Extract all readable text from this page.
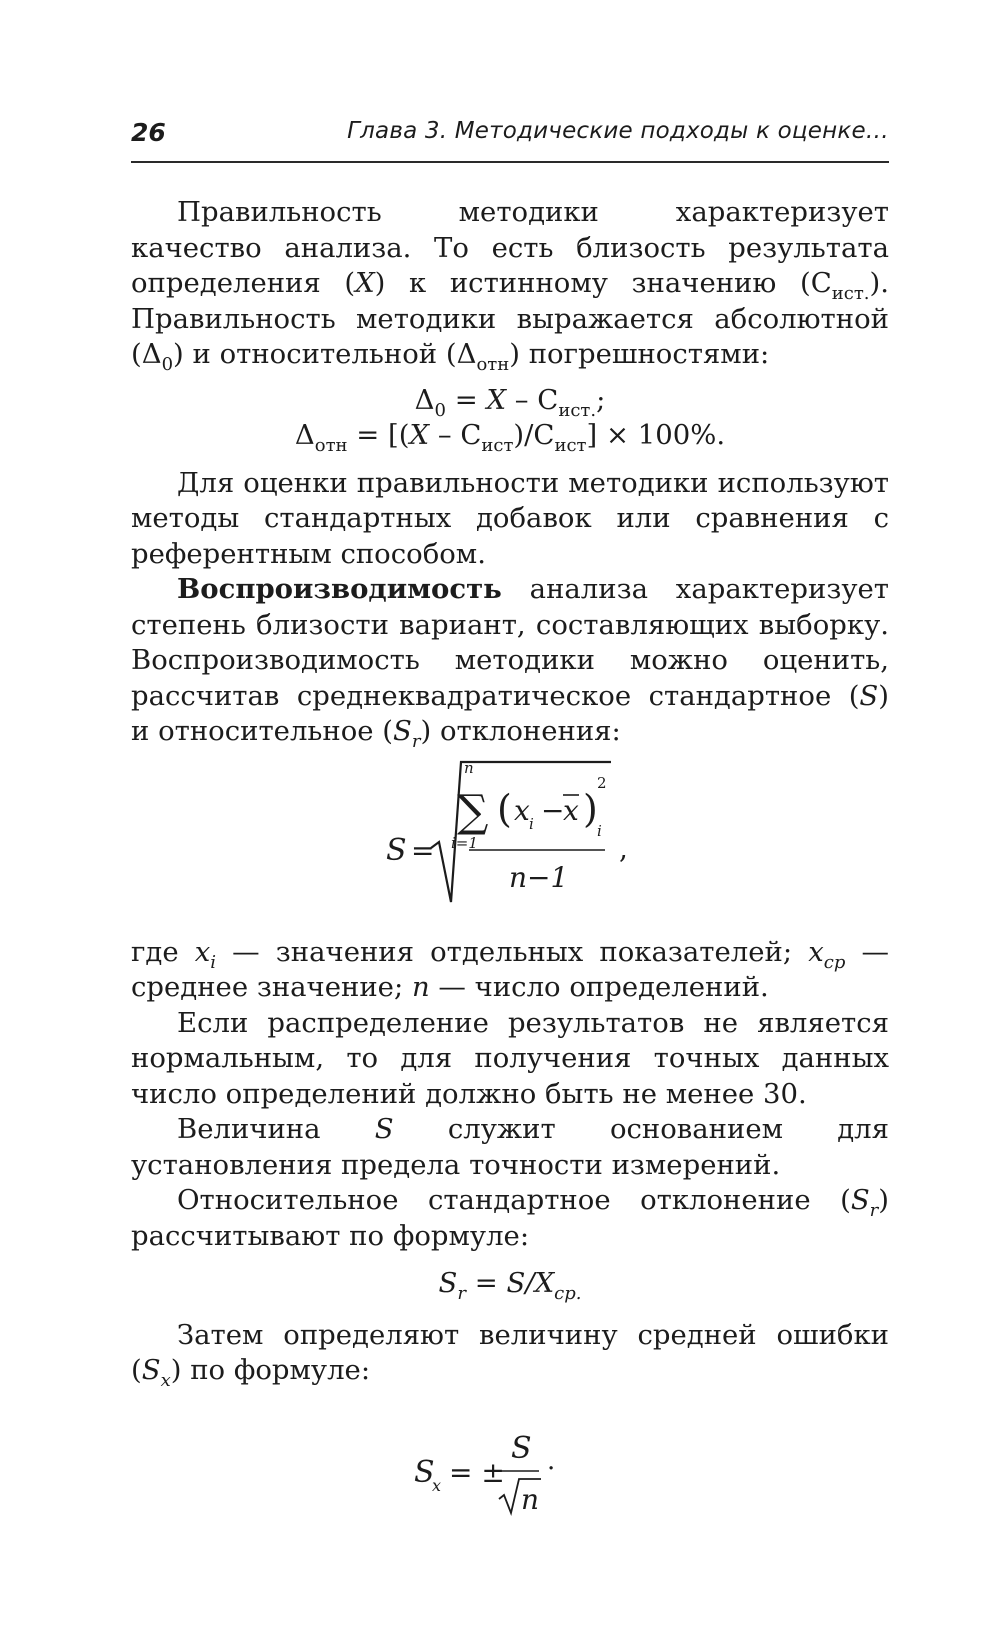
26	Глава 3. Методические подходы к оценке…

Правильность методики характеризует качество анализа. То есть близость результата определения (X) к истинному значению $(С_{ист.})$. Правильность методики выражается абсолютной $(\Delta_0)$ и относительной $(\Delta_{отн})$ погрешностями:

$\Delta_0 = X - С_{ист.}$;

$\Delta_{отн} = [(X - С_{ист})/С_{ист}] \times 100\%$.

Для оценки правильности методики используют методы стандартных добавок или сравнения с референтным способом.

Воспроизводимость анализа характеризует степень близости вариант, составляющих выборку. Воспроизводимость методики можно оценить, рассчитав среднеквадратическое стандартное (S) и относительное $(S_r)$ отклонения:

S =
n
∑
i=1
( x i −
x )
2
i
n−1
,

где $x_i$ — значения отдельных показателей; $x_{ср}$ — среднее значение; n — число определений.

Если распределение результатов не является нормальным, то для получения точных данных число определений должно быть не менее 30.

Величина S служит основанием для установления предела точности измерений.

Относительное стандартное отклонение $(S_r)$ рассчитывают по формуле:

$S_r = S/X_{ср.}$

Затем определяют величину средней ошибки $(S_x)$ по формуле:

S
x = ±
S
n
·
